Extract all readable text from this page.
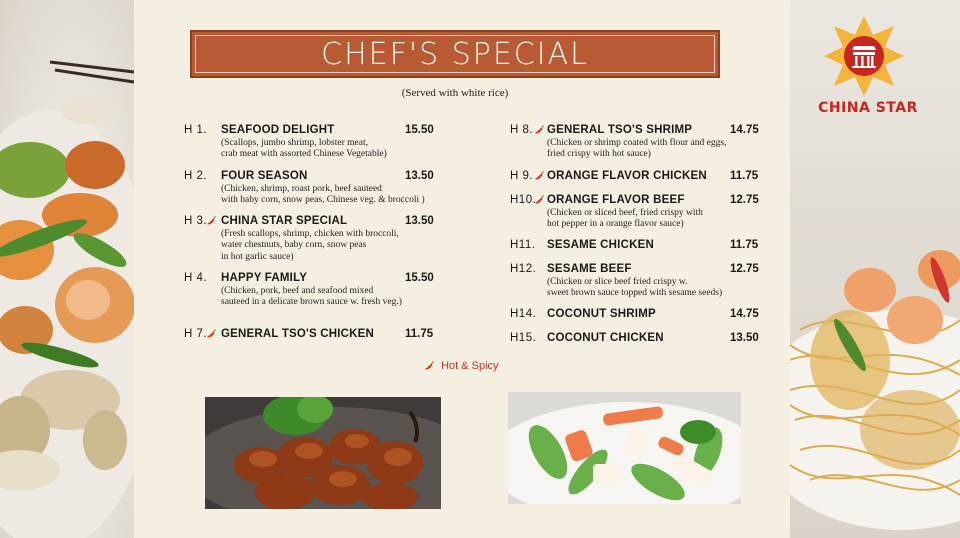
CHEF'S SPECIAL
(Served with white rice)
CHINA STAR
H 1. SEAFOOD DELIGHT	15.50
(Scallops, jumbo shrimp, lobster meat,
crab meat with assorted Chinese Vegetable)
H 2. FOUR SEASON	13.50
(Chicken, shrimp, roast pork, beef sauteed
with baby corn, snow peas, Chinese veg. & broccoli )
H 3. CHINA STAR SPECIAL	13.50
(Fresh scallops, shrimp, chicken with broccoli,
water chestnuts, baby corn, snow peas
in hot garlic sauce)
H 4. HAPPY FAMILY	15.50
(Chicken, pork, beef and seafood mixed
sauteed in a delicate brown sauce w. fresh veg.)
H 7. GENERAL TSO'S CHICKEN	11.75
H 8. GENERAL TSO'S SHRIMP	14.75
(Chicken or shrimp coated with flour and eggs,
fried crispy with hot sauce)
H 9. ORANGE FLAVOR CHICKEN 11.75
H10. ORANGE FLAVOR BEEF	12.75
(Chicken or sliced beef, fried crispy with
hot pepper in a orange flavor sauce)
H11. SESAME CHICKEN	11.75
H12. SESAME BEEF	12.75
(Chicken or slice beef fried crispy w.
sweet brown sauce topped with sesame seeds)
H14. COCONUT SHRIMP	14.75
H15. COCONUT CHICKEN	13.50
Hot & Spicy
